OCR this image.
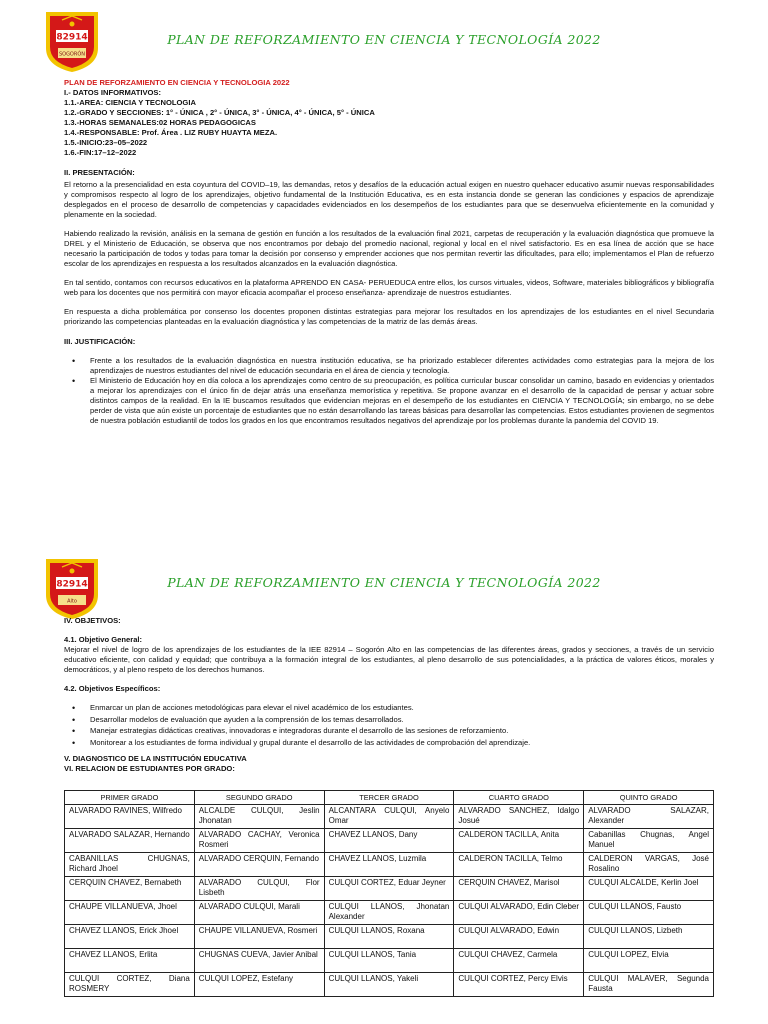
82914
SOGORÓN
PLAN DE REFORZAMIENTO EN CIENCIA Y TECNOLOGÍA 2022
PLAN DE REFORZAMIENTO EN CIENCIA Y TECNOLOGIA 2022
I.- DATOS INFORMATIVOS:
1.1.-AREA: CIENCIA Y TECNOLOGIA
1.2.-GRADO Y SECCIONES: 1° - ÚNICA , 2° - ÚNICA, 3° - ÚNICA, 4° - ÚNICA, 5° - ÚNICA
1.3.-HORAS SEMANALES:02 HORAS PEDAGOGICAS
1.4.-RESPONSABLE: Prof. Área . LIZ RUBY HUAYTA MEZA.
1.5.-INICIO:23–05–2022
1.6.-FIN:17–12–2022
II. PRESENTACIÓN:

El retorno a la presencialidad en esta coyuntura del COVID–19, las demandas, retos y desafíos de la educación actual exigen en nuestro quehacer educativo asumir nuevas responsabilidades y compromisos respecto al logro de los aprendizajes, objetivo fundamental de la Institución Educativa, es en esta instancia donde se generan las condiciones y espacios de aprendizaje desplegados en el proceso de desarrollo de competencias y capacidades evidenciados en los desempeños de los estudiantes para que se desenvuelva eficientemente en la comunidad y plenamente en la sociedad.

Habiendo realizado la revisión, análisis en la semana de gestión en función a los resultados de la evaluación final 2021, carpetas de recuperación y la evaluación diagnóstica que promueve la DREL y el Ministerio de Educación, se observa que nos encontramos por debajo del promedio nacional, regional y local en el nivel satisfactorio. Es en esa línea de acción que se hace necesario la participación de todos y todas para tomar la decisión por consenso y emprender acciones que nos permitan revertir las dificultades, para ello; implementamos el Plan de refuerzo escolar de los aprendizajes en respuesta a los resultados alcanzados en la evaluación diagnóstica.

En tal sentido, contamos con recursos educativos en la plataforma APRENDO EN CASA- PERUEDUCA entre ellos, los cursos virtuales, videos, Software, materiales bibliográficos y bibliografía web para los docentes que nos permitirá con mayor eficacia acompañar el proceso enseñanza- aprendizaje de nuestros estudiantes.

En respuesta a dicha problemática por consenso los docentes proponen distintas estrategias para mejorar los resultados en los aprendizajes de los estudiantes en el nivel Secundaria priorizando las competencias planteadas en la evaluación diagnóstica y las competencias de la matriz de las demás áreas.

III. JUSTIFICACIÓN:
• Frente a los resultados de la evaluación diagnóstica en nuestra institución educativa, se ha priorizado establecer diferentes actividades como estrategias para la mejora de los aprendizajes de nuestros estudiantes del nivel de educación secundaria en el área de ciencia y tecnología.
• El Ministerio de Educación hoy en día coloca a los aprendizajes como centro de su preocupación, es política curricular buscar consolidar un camino, basado en evidencias y orientados a mejorar los aprendizajes con el único fin de dejar atrás una enseñanza memorística y repetitiva. Se propone avanzar en el desarrollo de la capacidad de pensar y actuar sobre distintos campos de la realidad. En la IE buscamos resultados que evidencian mejoras en el desempeño de los estudiantes en CIENCIA Y TECNOLOGÍA; sin embargo, no se debe perder de vista que aún existe un porcentaje de estudiantes que no están desarrollando las tareas básicas para desarrollar las competencias. Estos estudiantes provienen de segmentos de nuestra población estudiantil de todos los grados en los que encontramos resultados negativos del aprendizaje por los problemas durante la pandemia del COVID 19.
82914
Alto
PLAN DE REFORZAMIENTO EN CIENCIA Y TECNOLOGÍA 2022
IV. OBJETIVOS:
4.1. Objetivo General:

Mejorar el nivel de logro de los aprendizajes de los estudiantes de la IEE 82914 – Sogorón Alto en las competencias de las diferentes áreas, grados y secciones, a través de un servicio educativo eficiente, con calidad y equidad; que contribuya a la formación integral de los estudiantes, al pleno desarrollo de sus potencialidades, a la práctica de valores éticos, morales y democráticos, y al pleno respeto de los derechos humanos.

4.2. Objetivos Específicos:
• Enmarcar un plan de acciones metodológicas para elevar el nivel académico de los estudiantes.
• Desarrollar modelos de evaluación que ayuden a la comprensión de los temas desarrollados.
• Manejar estrategias didácticas creativas, innovadoras e integradoras durante el desarrollo de las sesiones de reforzamiento.
• Monitorear a los estudiantes de forma individual y grupal durante el desarrollo de las actividades de comprobación del aprendizaje.
V. DIAGNOSTICO DE LA INSTITUCIÓN EDUCATIVA
VI. RELACION DE ESTUDIANTES POR GRADO:
PRIMER GRADO	SEGUNDO GRADO	TERCER GRADO	CUARTO GRADO	QUINTO GRADO
ALVARADO RAVINES, Wilfredo	ALCALDE CULQUI, Jeslin Jhonatan	ALCANTARA CULQUI, Anyelo Omar	ALVARADO SANCHEZ, Idalgo Josué	ALVARADO SALAZAR, Alexander
ALVARADO SALAZAR, Hernando	ALVARADO CACHAY, Veronica Rosmeri	CHAVEZ LLANOS, Dany	CALDERON TACILLA, Anita	Cabanillas Chugnas, Angel Manuel
CABANILLAS CHUGNAS, Richard Jhoel	ALVARADO CERQUIN, Fernando	CHAVEZ LLANOS, Luzmila	CALDERON TACILLA, Telmo	CALDERON VARGAS, José Rosalino
CERQUIN CHAVEZ, Bernabeth	ALVARADO CULQUI, Flor Lisbeth	CULQUI CORTEZ, Eduar Jeyner	CERQUIN CHAVEZ, Marisol	CULQUI ALCALDE, Kerlin Joel
CHAUPE VILLANUEVA, Jhoel	ALVARADO CULQUI, Marali	CULQUI LLANOS, Jhonatan Alexander	CULQUI ALVARADO, Edin Cleber	CULQUI LLANOS, Fausto
CHAVEZ LLANOS, Erick Jhoel	CHAUPE VILLANUEVA, Rosmeri	CULQUI LLANOS, Roxana	CULQUI ALVARADO, Edwin	CULQUI LLANOS, Lizbeth
CHAVEZ LLANOS, Erlita	CHUGNAS CUEVA, Javier Anibal	CULQUI LLANOS, Tania	CULQUI CHAVEZ, Carmela	CULQUI LOPEZ, Elvia
CULQUI CORTEZ, Diana ROSMERY	CULQUI LOPEZ, Estefany	CULQUI LLANOS, Yakeli	CULQUI CORTEZ, Percy Elvis	CULQUI MALAVER, Segunda Fausta
